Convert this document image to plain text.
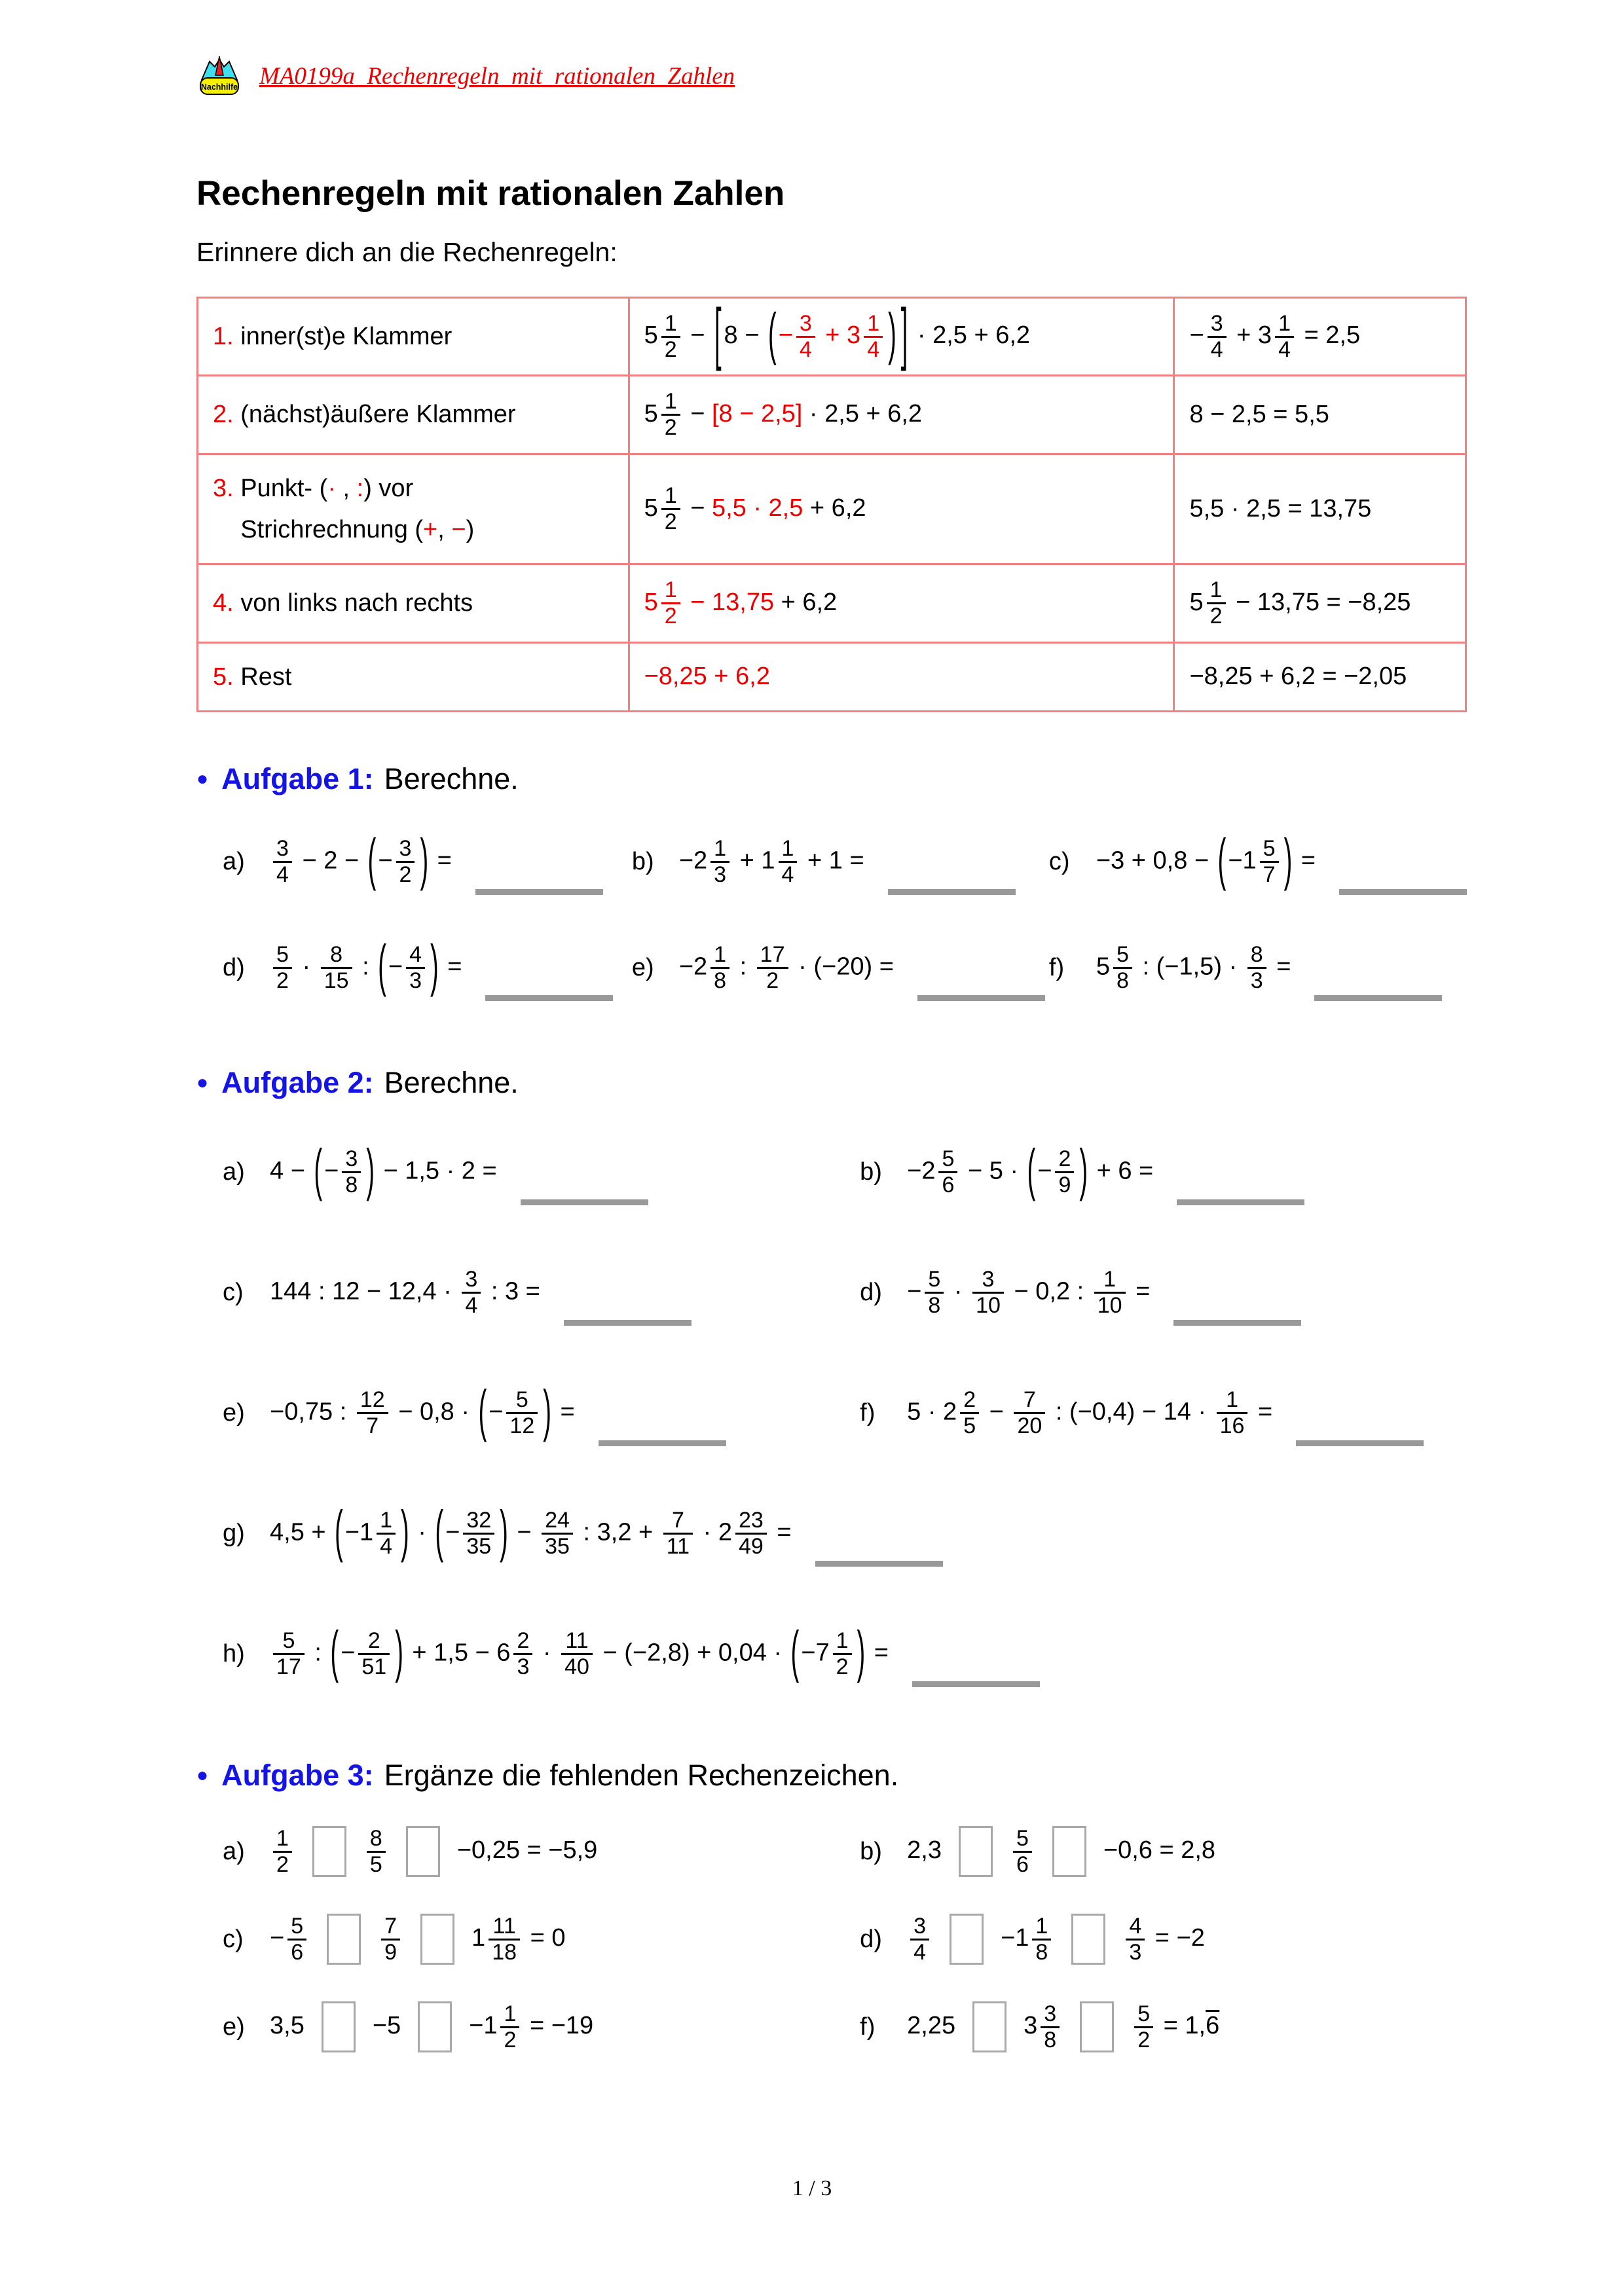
Nachhilfe MA0199a_Rechenregeln_mit_rationalen_Zahlen
Rechenregeln mit rationalen Zahlen

Erinnere dich an die Rechenregeln:

1. inner(st)e Klammer	$5 \frac{1}{2}$ − [ 8 − (− $\frac{3}{4} + 3 \frac{1}{4}$ ) ] · 2,5 + 6,2	− $\frac{3}{4} + 3 \frac{1}{4} = 2,5$
2. (nächst)äußere Klammer	$5 \frac{1}{2} - [8 - 2,5] \cdot 2,5 + 6,2$	8 − 2,5 = 5,5
3. Punkt- (· , :) vor
Strichrechnung (+, −)	$5 \frac{1}{2} - 5,5 \cdot 2,5 + 6,2$	5,5 · 2,5 = 13,75
4. von links nach rechts	$5 \frac{1}{2} - 13,75 + 6,2$	$5 \frac{1}{2} - 13,75 = -8,25$
5. Rest	−8,25 + 6,2	−8,25 + 6,2 = −2,05
● Aufgabe 1: Berechne.
a)	$\frac{3}{4} - 2$ − (− $\frac{3}{2}$ ) =	b)	$-2 \frac{1}{3} + 1 \frac{1}{4} + 1$ =	c)	$-3 + 0,8 - (-1 \frac{5}{7}$ ) =
d)	$\frac{5}{2} \cdot \frac{8}{15}$ : (− $\frac{4}{3}$ ) =	e)	$-2 \frac{1}{8}$ : $\frac{17}{2} \cdot (-20)$ =	f)	$5 \frac{5}{8}$ : $(-1,5) \cdot \frac{8}{3}$ =
● Aufgabe 2: Berechne.
a)	4 − (− $\frac{3}{8}$ ) − 1,5 · 2 =	b)	$-2 \frac{5}{6} - 5$ · (− $\frac{2}{9}$ ) + 6 =
c)	144 : $12 - 12,4 \cdot \frac{3}{4}$ : 3 =	d)	− $\frac{5}{8} \cdot \frac{3}{10} - 0,2$ : $\frac{1}{10}$ =
e)	−0,75 : $\frac{12}{7} - 0,8$ · (− $\frac{5}{12}$ ) =	f)	$5 \cdot 2 \frac{2}{5} - \frac{7}{20}$ : $(-0,4) - 14 \cdot \frac{1}{16}$ =
g)	$4,5 + (-1 \frac{1}{4}$ ) · (− $\frac{32}{35}$ ) − $\frac{24}{35}$ : $3,2 + \frac{7}{11} \cdot 2 \frac{23}{49}$ =
h)	$\frac{5}{17}$ : (− $\frac{2}{51}$ ) + $1,5 - 6 \frac{2}{3} \cdot \frac{11}{40} - (-2,8) + 0,04 \cdot (-7 \frac{1}{2}$ ) =
● Aufgabe 3: Ergänze die fehlenden Rechenzeichen.
a)	$\frac{1}{2}$	$\frac{8}{5}$	−0,25 = −5,9	b)	2,3	$\frac{5}{6}$	−0,6 = 2,8
c)	− $\frac{5}{6}$	$\frac{7}{9}$	$1 \frac{11}{18} = 0$	d)	$\frac{3}{4}$	$-1 \frac{1}{8}$	$\frac{4}{3} = -2$
e)	3,5	−5	$-1 \frac{1}{2} = -19$	f)	2,25	$3 \frac{3}{8}$	$\frac{5}{2} = 1,6$
1 / 3
